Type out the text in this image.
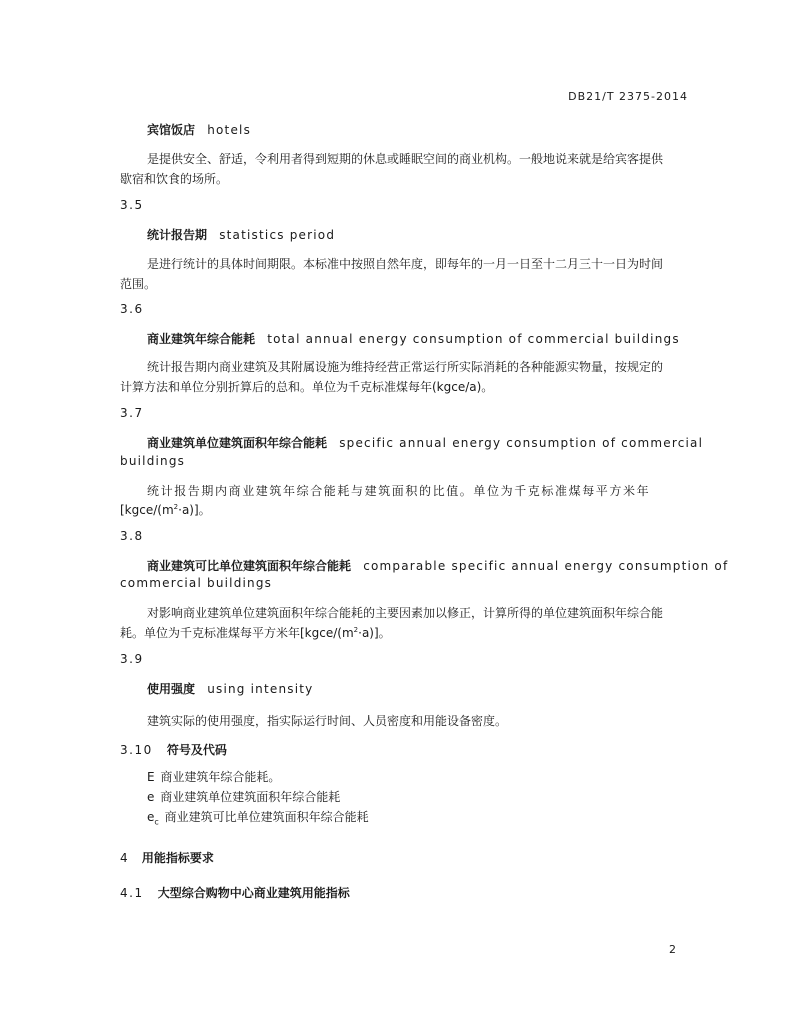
DB21/T 2375-2014
宾馆饭店 hotels
是提供安全、舒适，令利用者得到短期的休息或睡眠空间的商业机构。一般地说来就是给宾客提供
歇宿和饮食的场所。
3.5
统计报告期 statistics period
是进行统计的具体时间期限。本标准中按照自然年度，即每年的一月一日至十二月三十一日为时间
范围。
3.6
商业建筑年综合能耗 total annual energy consumption of commercial buildings
统计报告期内商业建筑及其附属设施为维持经营正常运行所实际消耗的各种能源实物量，按规定的
计算方法和单位分别折算后的总和。单位为千克标准煤每年(kgce/a)。
3.7
商业建筑单位建筑面积年综合能耗 specific annual energy consumption of commercial
buildings
统计报告期内商业建筑年综合能耗与建筑面积的比值。单位为千克标准煤每平方米年
$[kgce/(m^2\cdot a)]$。
3.8
商业建筑可比单位建筑面积年综合能耗 comparable specific annual energy consumption of
commercial buildings
对影响商业建筑单位建筑面积年综合能耗的主要因素加以修正，计算所得的单位建筑面积年综合能
耗。单位为千克标准煤每平方米年$[kgce/(m^2\cdot a)]$。
3.9
使用强度 using intensity
建筑实际的使用强度，指实际运行时间、人员密度和用能设备密度。
3.10 符号及代码
E 商业建筑年综合能耗。
e 商业建筑单位建筑面积年综合能耗
$e_c$ 商业建筑可比单位建筑面积年综合能耗
4 用能指标要求
4.1 大型综合购物中心商业建筑用能指标
2
